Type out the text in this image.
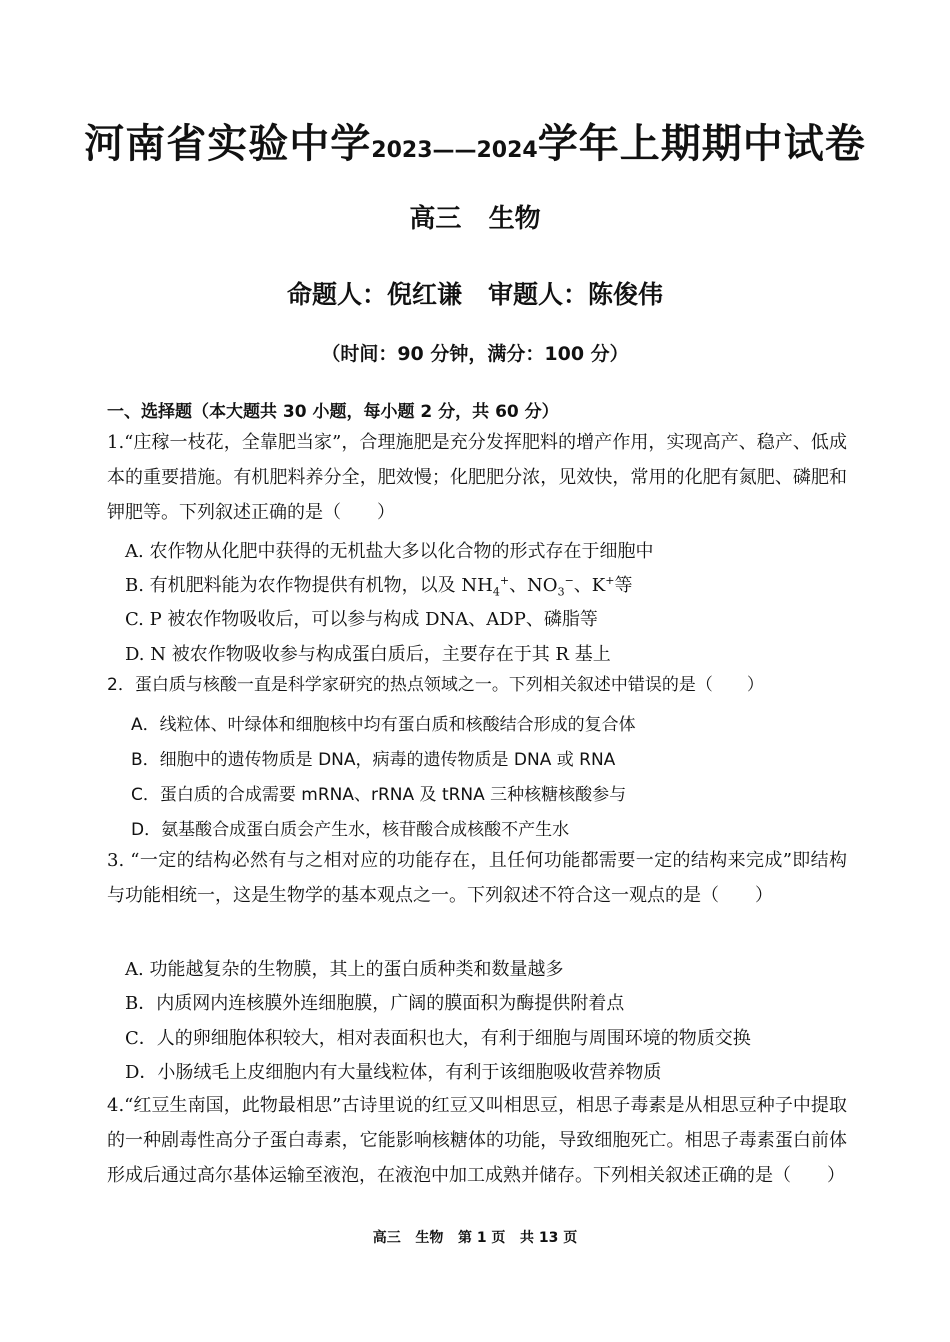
河南省实验中学2023——2024学年上期期中试卷
高三   生物
命题人：倪红谦   审题人：陈俊伟
（时间：90 分钟，满分：100 分）
一、选择题（本大题共 30 小题，每小题 2 分，共 60 分）
1.“庄稼一枝花，全靠肥当家”，合理施肥是充分发挥肥料的增产作用，实现高产、稳产、低成本的重要措施。有机肥料养分全，肥效慢；化肥肥分浓，见效快，常用的化肥有氮肥、磷肥和钾肥等。下列叙述正确的是（　　）
A. 农作物从化肥中获得的无机盐大多以化合物的形式存在于细胞中
B. 有机肥料能为农作物提供有机物，以及 $NH_4^+$、$NO_3^-$、K+等
C. P 被农作物吸收后，可以参与构成 DNA、ADP、磷脂等
D. N 被农作物吸收参与构成蛋白质后，主要存在于其 R 基上
2．蛋白质与核酸一直是科学家研究的热点领域之一。下列相关叙述中错误的是（　　）
A．线粒体、叶绿体和细胞核中均有蛋白质和核酸结合形成的复合体
B．细胞中的遗传物质是 DNA，病毒的遗传物质是 DNA 或 RNA
C．蛋白质的合成需要 mRNA、rRNA 及 tRNA 三种核糖核酸参与
D．氨基酸合成蛋白质会产生水，核苷酸合成核酸不产生水
3. “一定的结构必然有与之相对应的功能存在，且任何功能都需要一定的结构来完成”即结构与功能相统一，这是生物学的基本观点之一。下列叙述不符合这一观点的是（　　）
A. 功能越复杂的生物膜，其上的蛋白质种类和数量越多
B．内质网内连核膜外连细胞膜，广阔的膜面积为酶提供附着点
C．人的卵细胞体积较大，相对表面积也大，有利于细胞与周围环境的物质交换
D．小肠绒毛上皮细胞内有大量线粒体，有利于该细胞吸收营养物质
4.“红豆生南国，此物最相思”古诗里说的红豆又叫相思豆，相思子毒素是从相思豆种子中提取的一种剧毒性高分子蛋白毒素，它能影响核糖体的功能，导致细胞死亡。相思子毒素蛋白前体形成后通过高尔基体运输至液泡，在液泡中加工成熟并储存。下列相关叙述正确的是（　　）
高三   生物   第 1 页   共 13 页
